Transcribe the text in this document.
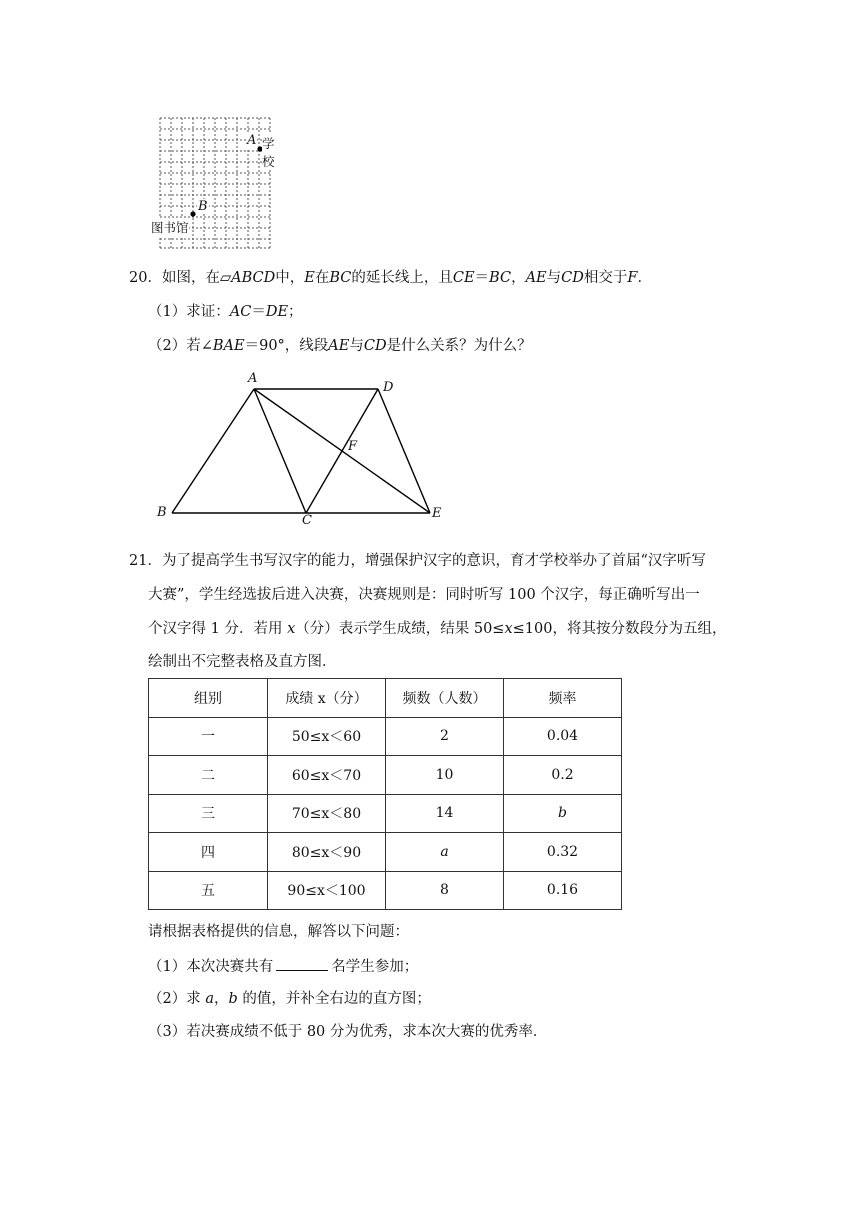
A 学校
B
图书馆
20．如图，在▱ABCD中，E在BC的延长线上，且CE＝BC，AE与CD相交于F．
（1）求证：AC＝DE；
（2）若∠BAE＝90°，线段AE与CD是什么关系？为什么？
A
D
F
B
C	E
21．为了提高学生书写汉字的能力，增强保护汉字的意识，育才学校举办了首届“汉字听写
大赛”，学生经选拔后进入决赛，决赛规则是：同时听写 100 个汉字，每正确听写出一
个汉字得 1 分．若用 x（分）表示学生成绩，结果 50≤x≤100，将其按分数段分为五组，
绘制出不完整表格及直方图．
组别	成绩 x（分）	频数（人数）	频率
一	50≤x＜60	2	0.04
二	60≤x＜70	10	0.2
三	70≤x＜80	14	b
四	80≤x＜90	a	0.32
五	90≤x＜100	8	0.16
请根据表格提供的信息，解答以下问题：
（1）本次决赛共有	名学生参加；
（2）求 a，b 的值，并补全右边的直方图；
（3）若决赛成绩不低于 80 分为优秀，求本次大赛的优秀率．
